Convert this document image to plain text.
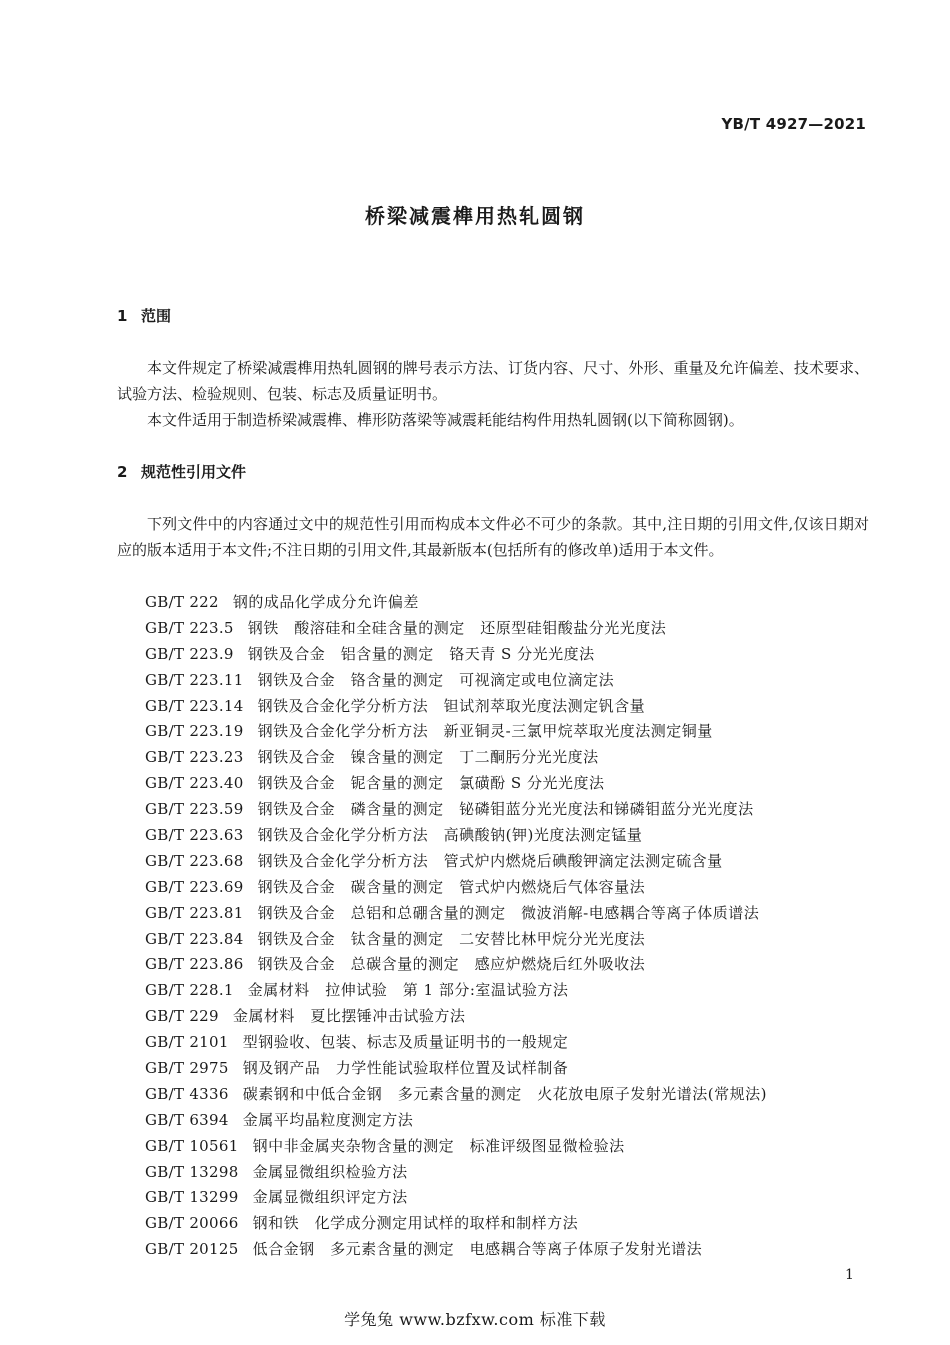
YB/T 4927—2021
桥梁减震榫用热轧圆钢
1 范围
本文件规定了桥梁减震榫用热轧圆钢的牌号表示方法、订货内容、尺寸、外形、重量及允许偏差、技术要求、试验方法、检验规则、包装、标志及质量证明书。
本文件适用于制造桥梁减震榫、榫形防落梁等减震耗能结构件用热轧圆钢(以下简称圆钢)。
2 规范性引用文件
下列文件中的内容通过文中的规范性引用而构成本文件必不可少的条款。其中,注日期的引用文件,仅该日期对应的版本适用于本文件;不注日期的引用文件,其最新版本(包括所有的修改单)适用于本文件。
GB/T 222 钢的成品化学成分允许偏差
GB/T 223.5 钢铁　酸溶硅和全硅含量的测定　还原型硅钼酸盐分光光度法
GB/T 223.9 钢铁及合金　铝含量的测定　铬天青 S 分光光度法
GB/T 223.11 钢铁及合金　铬含量的测定　可视滴定或电位滴定法
GB/T 223.14 钢铁及合金化学分析方法　钽试剂萃取光度法测定钒含量
GB/T 223.19 钢铁及合金化学分析方法　新亚铜灵-三氯甲烷萃取光度法测定铜量
GB/T 223.23 钢铁及合金　镍含量的测定　丁二酮肟分光光度法
GB/T 223.40 钢铁及合金　铌含量的测定　氯磺酚 S 分光光度法
GB/T 223.59 钢铁及合金　磷含量的测定　铋磷钼蓝分光光度法和锑磷钼蓝分光光度法
GB/T 223.63 钢铁及合金化学分析方法　高碘酸钠(钾)光度法测定锰量
GB/T 223.68 钢铁及合金化学分析方法　管式炉内燃烧后碘酸钾滴定法测定硫含量
GB/T 223.69 钢铁及合金　碳含量的测定　管式炉内燃烧后气体容量法
GB/T 223.81 钢铁及合金　总铝和总硼含量的测定　微波消解-电感耦合等离子体质谱法
GB/T 223.84 钢铁及合金　钛含量的测定　二安替比林甲烷分光光度法
GB/T 223.86 钢铁及合金　总碳含量的测定　感应炉燃烧后红外吸收法
GB/T 228.1 金属材料　拉伸试验　第 1 部分:室温试验方法
GB/T 229 金属材料　夏比摆锤冲击试验方法
GB/T 2101 型钢验收、包装、标志及质量证明书的一般规定
GB/T 2975 钢及钢产品　力学性能试验取样位置及试样制备
GB/T 4336 碳素钢和中低合金钢　多元素含量的测定　火花放电原子发射光谱法(常规法)
GB/T 6394 金属平均晶粒度测定方法
GB/T 10561 钢中非金属夹杂物含量的测定　标准评级图显微检验法
GB/T 13298 金属显微组织检验方法
GB/T 13299 金属显微组织评定方法
GB/T 20066 钢和铁　化学成分测定用试样的取样和制样方法
GB/T 20125 低合金钢　多元素含量的测定　电感耦合等离子体原子发射光谱法
1
学兔兔 www.bzfxw.com 标准下载
